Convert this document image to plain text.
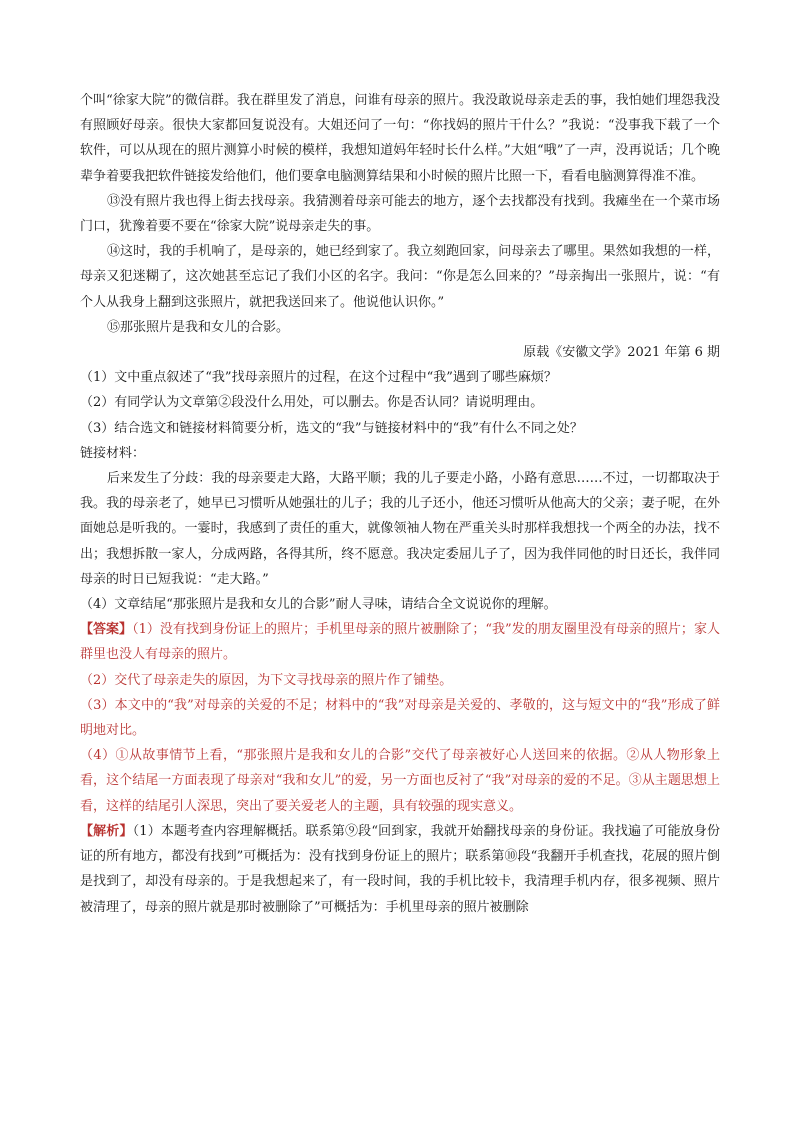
个叫“徐家大院”的微信群。我在群里发了消息，问谁有母亲的照片。我没敢说母亲走丢的事，我怕她们埋怨我没有照顾好母亲。很快大家都回复说没有。大姐还问了一句：“你找妈的照片干什么？”我说：“没事我下载了一个软件，可以从现在的照片测算小时候的模样，我想知道妈年轻时长什么样。”大姐“哦”了一声，没再说话；几个晚辈争着要我把软件链接发给他们，他们要拿电脑测算结果和小时候的照片比照一下，看看电脑测算得准不准。

⑬没有照片我也得上街去找母亲。我猜测着母亲可能去的地方，逐个去找都没有找到。我瘫坐在一个菜市场门口，犹豫着要不要在“徐家大院”说母亲走失的事。

⑭这时，我的手机响了，是母亲的，她已经到家了。我立刻跑回家，问母亲去了哪里。果然如我想的一样，母亲又犯迷糊了，这次她甚至忘记了我们小区的名字。我问：“你是怎么回来的？”母亲掏出一张照片，说：“有个人从我身上翻到这张照片，就把我送回来了。他说他认识你。”

⑮那张照片是我和女儿的合影。

原载《安徽文学》2021 年第 6 期

（1）文中重点叙述了“我”找母亲照片的过程，在这个过程中“我”遇到了哪些麻烦？

（2）有同学认为文章第②段没什么用处，可以删去。你是否认同？请说明理由。

（3）结合选文和链接材料简要分析，选文的“我”与链接材料中的“我”有什么不同之处？

链接材料：

后来发生了分歧：我的母亲要走大路，大路平顺；我的儿子要走小路，小路有意思……不过，一切都取决于我。我的母亲老了，她早已习惯听从她强壮的儿子；我的儿子还小，他还习惯听从他高大的父亲；妻子呢，在外面她总是听我的。一霎时，我感到了责任的重大，就像领袖人物在严重关头时那样我想找一个两全的办法，找不出；我想拆散一家人，分成两路，各得其所，终不愿意。我决定委屈儿子了，因为我伴同他的时日还长，我伴同母亲的时日已短我说：“走大路。”

（4）文章结尾“那张照片是我和女儿的合影”耐人寻味，请结合全文说说你的理解。

【答案】（1）没有找到身份证上的照片；手机里母亲的照片被删除了；“我”发的朋友圈里没有母亲的照片；家人群里也没人有母亲的照片。

（2）交代了母亲走失的原因，为下文寻找母亲的照片作了铺垫。

（3）本文中的“我”对母亲的关爱的不足；材料中的“我”对母亲是关爱的、孝敬的，这与短文中的“我”形成了鲜明地对比。

（4）①从故事情节上看，“那张照片是我和女儿的合影”交代了母亲被好心人送回来的依据。②从人物形象上看，这个结尾一方面表现了母亲对“我和女儿”的爱，另一方面也反衬了“我”对母亲的爱的不足。③从主题思想上看，这样的结尾引人深思，突出了要关爱老人的主题，具有较强的现实意义。

【解析】（1）本题考查内容理解概括。联系第⑨段“回到家，我就开始翻找母亲的身份证。我找遍了可能放身份证的所有地方，都没有找到”可概括为：没有找到身份证上的照片；联系第⑩段“我翻开手机查找，花展的照片倒是找到了，却没有母亲的。于是我想起来了，有一段时间，我的手机比较卡，我清理手机内存，很多视频、照片被清理了，母亲的照片就是那时被删除了”可概括为：手机里母亲的照片被删除
